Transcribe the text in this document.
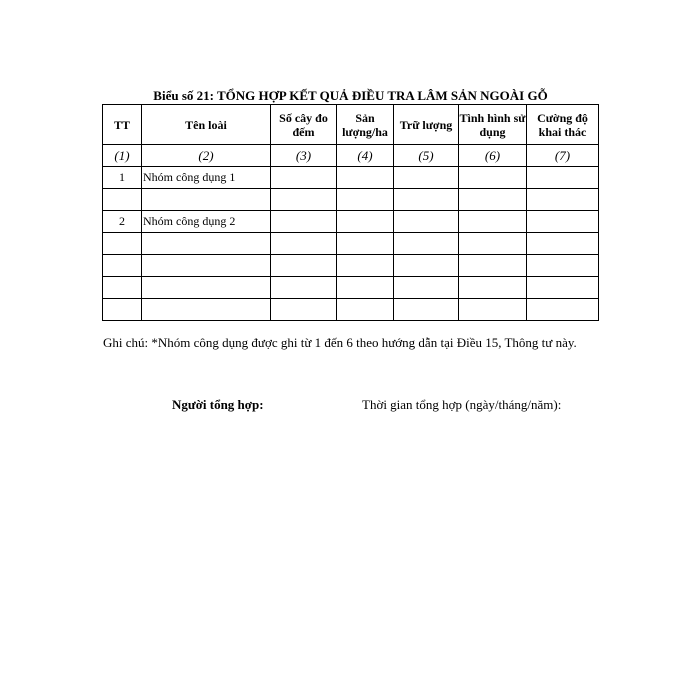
Biểu số 21: TỔNG HỢP KẾT QUẢ ĐIỀU TRA LÂM SẢN NGOÀI GỖ
TT	Tên loài	Số cây đo đếm	Sản lượng/ha	Trữ lượng	Tình hình sử dụng	Cường độ khai thác
(1)	(2)	(3)	(4)	(5)	(6)	(7)
1	Nhóm công dụng 1					

2	Nhóm công dụng 2					

Ghi chú: *Nhóm công dụng được ghi từ 1 đến 6 theo hướng dẫn tại Điều 15, Thông tư này.
Người tổng hợp:	Thời gian tổng hợp (ngày/tháng/năm):
